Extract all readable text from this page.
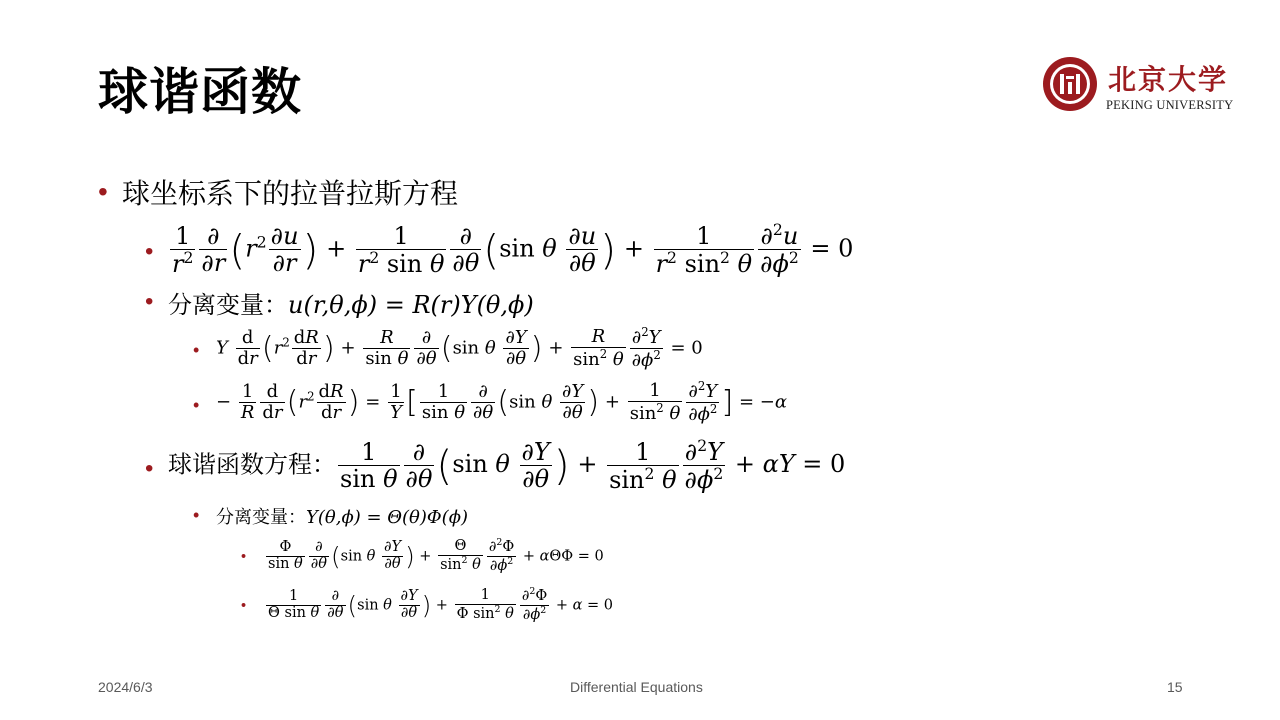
球谐函数	北京大学
PEKING UNIVERSITY
• 球坐标系下的拉普拉斯方程
• $\frac{1}{r^2} \frac{\partial}{\partial r} (r^2 \frac{\partial u}{\partial r}$ ) + $\frac{1}{r^2 \sin \theta} \frac{\partial}{\partial\theta} (\sin$ θ $\frac{\partial u}{\partial\theta}$ ) + $\frac{1}{r^2 \sin^2 \theta} \frac{\partial^2u}{\partial\phi^2} = 0$
• 分离变量：u(r,θ,ϕ) = R(r)Y(θ,ϕ)
• Y $\frac{d}{dr} (r^2 \frac{dR}{dr}$ ) + $\frac{R}{\text{sin θ}} \frac{\partial}{\partial\theta} (\sin$ θ $\frac{\partial Y}{\partial\theta}$ ) + $\frac{R}{\sin^2 \theta} \frac{\partial^2Y}{\partial\phi^2} = 0$
• − $\frac{1}{R} \frac{d}{dr} (r^2 \frac{dR}{dr}$ ) = $\frac{1}{Y}$ [ $\frac{1}{\text{sin θ}} \frac{\partial}{\partial\theta} (\sin$ θ $\frac{\partial Y}{\partial\theta}$ ) + $\frac{1}{\sin^2 \theta} \frac{\partial^2Y}{\partial\phi^2}$ ] = −α
• 球谐函数方程： $\frac{1}{\text{sin θ}} \frac{\partial}{\partial\theta} (\sin$ θ $\frac{\partial Y}{\partial\theta}$ ) + $\frac{1}{\sin^2 \theta} \frac{\partial^2Y}{\partial\phi^2} + \alpha Y = 0$
• 分离变量：Y(θ,ϕ) = Θ(θ)Φ(ϕ)
• $\frac{\Phi}{\text{sin θ}} \frac{\partial}{\partial\theta} (\sin$ θ $\frac{\partial Y}{\partial\theta}$ ) + $\frac{\Theta}{\sin^2 \theta} \frac{\partial^2\Phi}{\partial\phi^2} + \alpha\Theta\Phi = 0$
• $\frac{1}{\text{Θ sin θ}} \frac{\partial}{\partial\theta} (\sin$ θ $\frac{\partial Y}{\partial\theta}$ ) + $\frac{1}{\Phi \sin^2 \theta} \frac{\partial^2\Phi}{\partial\phi^2} + \alpha = 0$
2024/6/3	Differential Equations	15
